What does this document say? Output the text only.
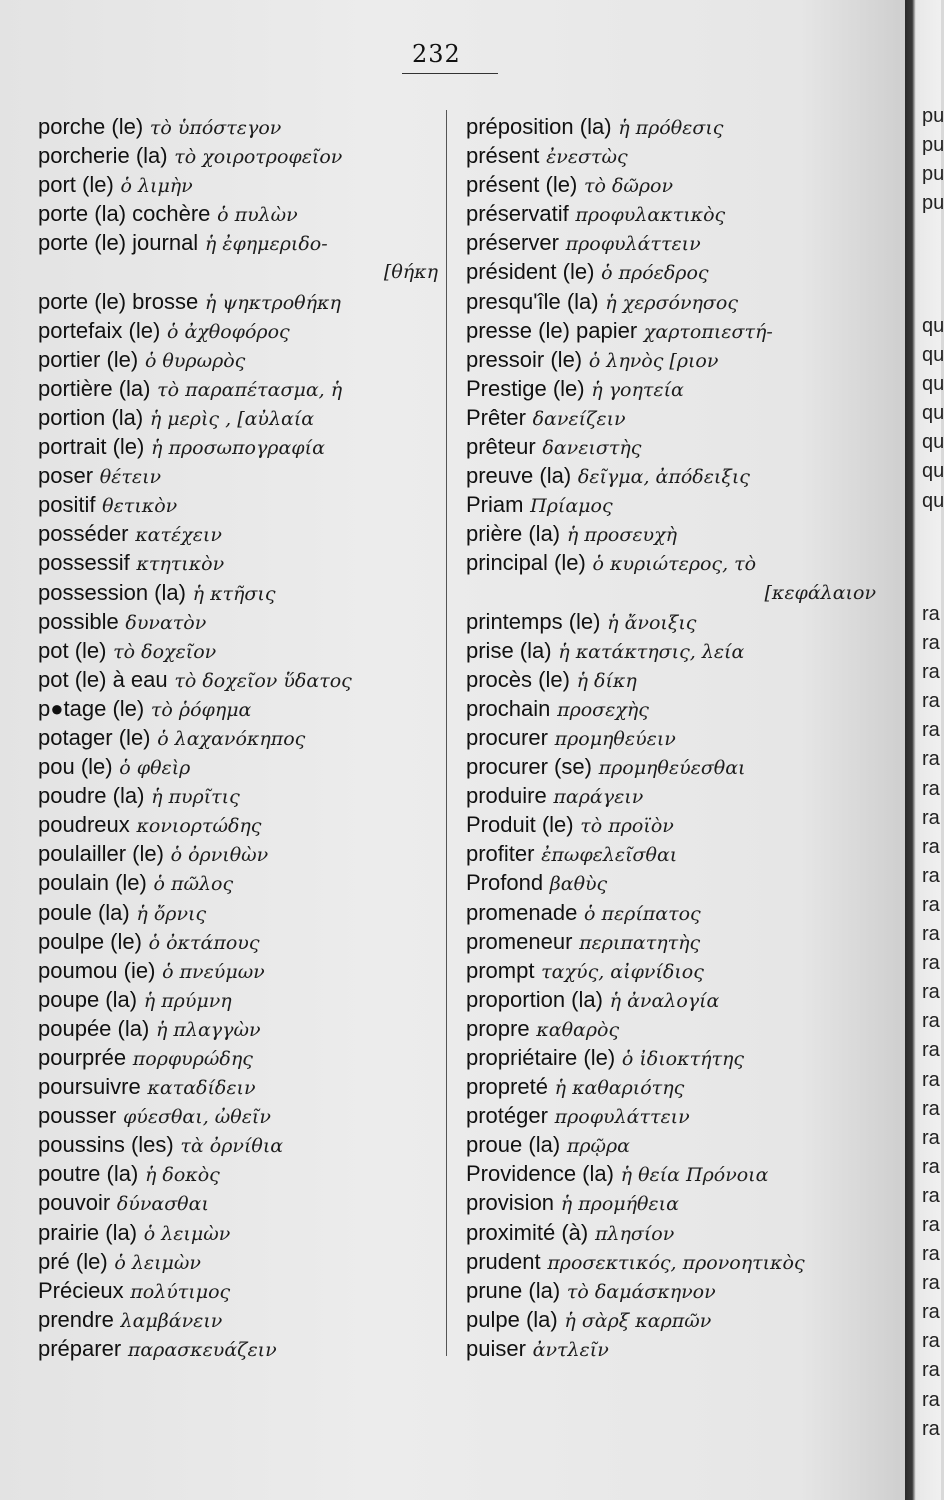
232
porche (le) τὸ ὑπόστεγον
porcherie (la) τὸ χοιροτροφεῖον
port (le) ὁ λιμὴν
porte (la) cochère ὁ πυλὼν
porte (le) journal ἡ ἐφημεριδο-
[θήκη
porte (le) brosse ἡ ψηκτροθήκη
portefaix (le) ὁ ἀχθοφόρος
portier (le) ὁ θυρωρὸς
portière (la) τὸ παραπέτασμα, ἡ
portion (la) ἡ μερὶς , [αὐλαία
portrait (le) ἡ προσωπογραφία
poser θέτειν
positif θετικὸν
posséder κατέχειν
possessif κτητικὸν
possession (la) ἡ κτῆσις
possible δυνατὸν
pot (le) τὸ δοχεῖον
pot (le) à eau τὸ δοχεῖον ὕδατος
p●tage (le) τὸ ῥόφημα
potager (le) ὁ λαχανόκηπος
pou (le) ὁ φθεὶρ
poudre (la) ἡ πυρῖτις
poudreux κονιορτώδης
poulailler (le) ὁ ὀρνιθὼν
poulain (le) ὁ πῶλος
poule (la) ἡ ὄρνις
poulpe (le) ὁ ὀκτάπους
poumou (ie) ὁ πνεύμων
poupe (la) ἡ πρύμνη
poupée (la) ἡ πλαγγὼν
pourprée πορφυρώδης
poursuivre καταδίδειν
pousser φύεσθαι, ὠθεῖν
poussins (les) τὰ ὀρνίθια
poutre (la) ἡ δοκὸς
pouvoir δύνασθαι
prairie (la) ὁ λειμὼν
pré (le) ὁ λειμὼν
Précieux πολύτιμος
prendre λαμβάνειν
préparer παρασκευάζειν
préposition (la) ἡ πρόθεσις
présent ἐνεστὼς
présent (le) τὸ δῶρον
préservatif προφυλακτικὸς
préserver προφυλάττειν
président (le) ὁ πρόεδρος
presqu'île (la) ἡ χερσόνησος
presse (le) papier χαρτοπιεστή-
pressoir (le) ὁ ληνὸς [ριον
Prestige (le) ἡ γοητεία
Prêter δανείζειν
prêteur δανειστὴς
preuve (la) δεῖγμα, ἀπόδειξις
Priam Πρίαμος
prière (la) ἡ προσευχὴ
principal (le) ὁ κυριώτερος, τὸ
[κεφάλαιον
printemps (le) ἡ ἄνοιξις
prise (la) ἡ κατάκτησις, λεία
procès (le) ἡ δίκη
prochain προσεχὴς
procurer προμηθεύειν
procurer (se) προμηθεύεσθαι
produire παράγειν
Produit (le) τὸ προϊὸν
profiter ἐπωφελεῖσθαι
Profond βαθὺς
promenade ὁ περίπατος
promeneur περιπατητὴς
prompt ταχύς, αἰφνίδιος
proportion (la) ἡ ἀναλογία
propre καθαρὸς
propriétaire (le) ὁ ἰδιοκτήτης
propreté ἡ καθαριότης
protéger προφυλάττειν
proue (la) πρῷρα
Providence (la) ἡ θεία Πρόνοια
provision ἡ προμήθεια
proximité (à) πλησίον
prudent προσεκτικός, προνοητικὸς
prune (la) τὸ δαμάσκηνον
pulpe (la) ἡ σὰρξ καρπῶν
puiser ἀντλεῖν
pu
pu
pu
pu
qu
qu
qu
qu
qu
qu
qu
ra
ra
ra
ra
ra
ra
ra
ra
ra
ra
ra
ra
ra
ra
ra
ra
ra
ra
ra
ra
ra
ra
ra
ra
ra
ra
ra
ra
ra
